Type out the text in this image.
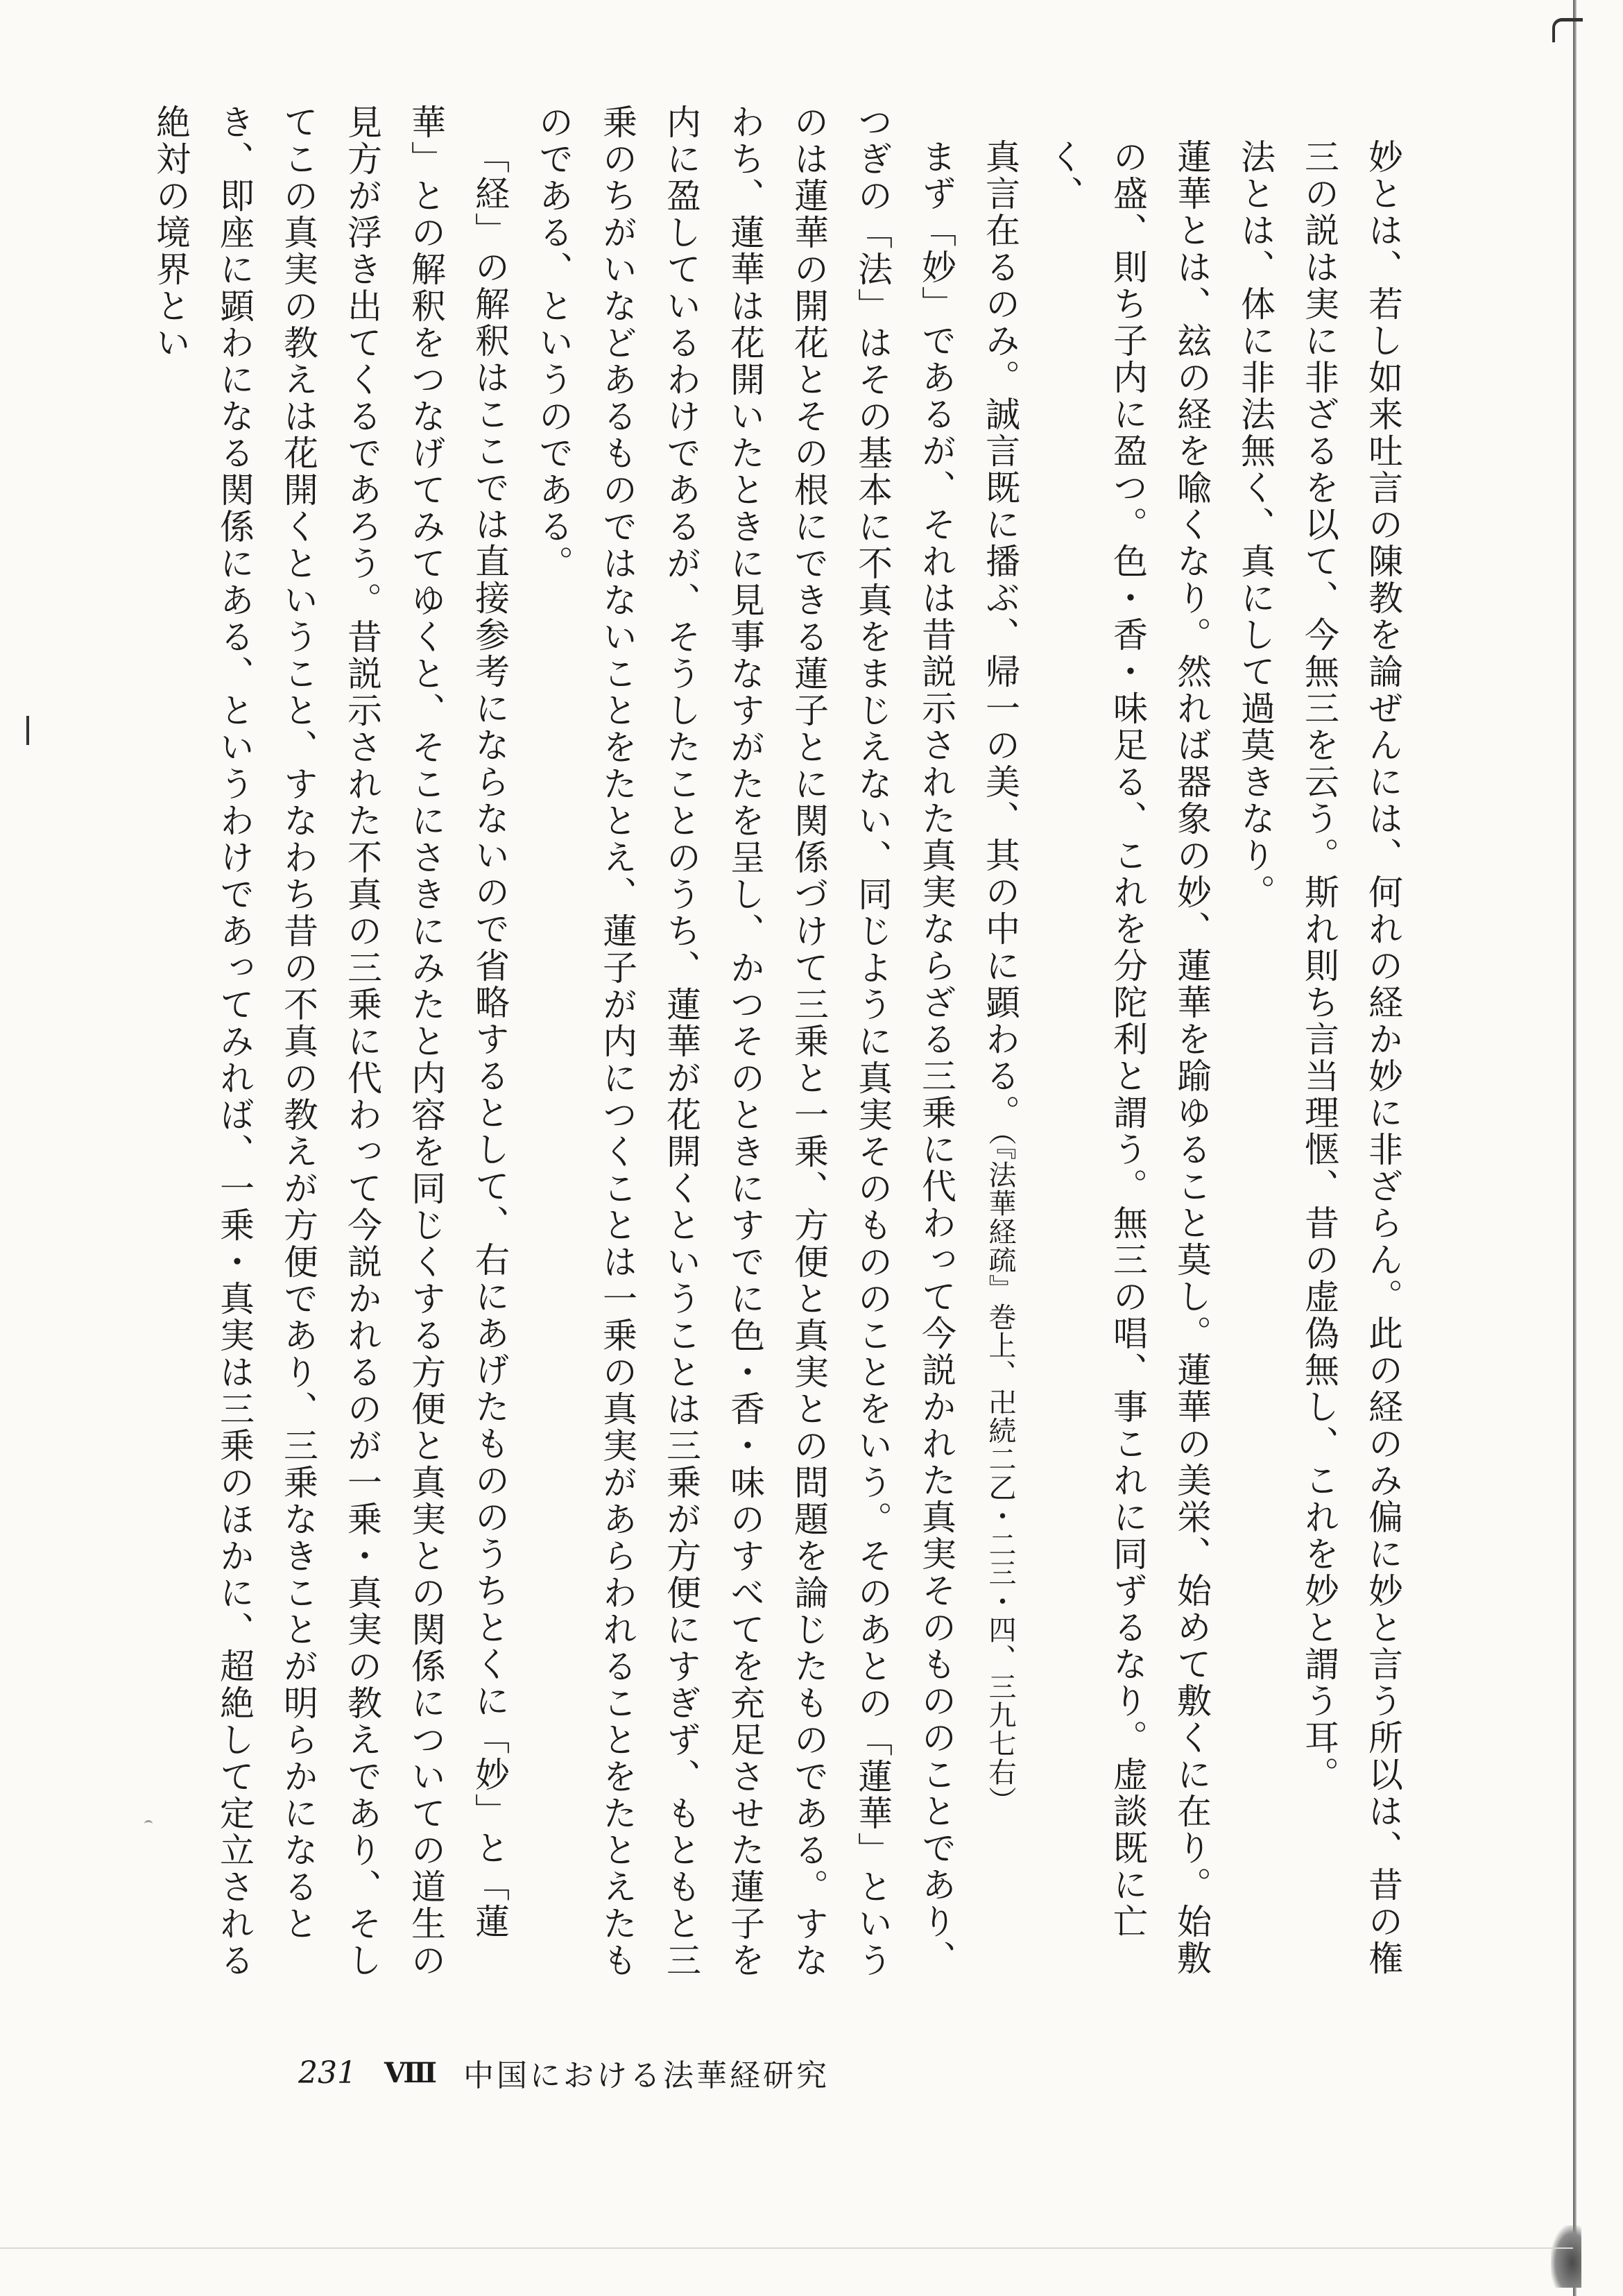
妙とは、若し如来吐言の陳教を論ぜんには、何れの経か妙に非ざらん。此の経のみ偏に妙と言う所以は、昔の権

三の説は実に非ざるを以て、今無三を云う。斯れ則ち言当理惬、昔の虚偽無し、これを妙と謂う耳。

法とは、体に非法無く、真にして過莫きなり。

蓮華とは、玆の経を喩くなり。然れば器象の妙、蓮華を踰ゆること莫し。蓮華の美栄、始めて敷くに在り。始敷

の盛、則ち子内に盈つ。色・香・味足る、これを分陀利と謂う。無三の唱、事これに同ずるなり。虚談既に亡く、

真言在るのみ。誠言既に播ぶ、帰一の美、其の中に顕わる。（『法華経疏』巻上、卍続二乙・二三・四、三九七右）

まず「妙」であるが、それは昔説示された真実ならざる三乗に代わって今説かれた真実そのもののことであり、つぎの「法」はその基本に不真をまじえない、同じように真実そのもののことをいう。そのあとの「蓮華」というのは蓮華の開花とその根にできる蓮子とに関係づけて三乗と一乗、方便と真実との問題を論じたものである。すなわち、蓮華は花開いたときに見事なすがたを呈し、かつそのときにすでに色・香・味のすべてを充足させた蓮子を内に盈しているわけであるが、そうしたことのうち、蓮華が花開くということは三乗が方便にすぎず、もともと三乗のちがいなどあるものではないことをたとえ、蓮子が内につくことは一乗の真実があらわれることをたとえたものである、というのである。

「経」の解釈はここでは直接参考にならないので省略するとして、右にあげたもののうちとくに「妙」と「蓮華」との解釈をつなげてみてゆくと、そこにさきにみたと内容を同じくする方便と真実との関係についての道生の見方が浮き出てくるであろう。昔説示された不真の三乗に代わって今説かれるのが一乗・真実の教えであり、そしてこの真実の教えは花開くということ、すなわち昔の不真の教えが方便であり、三乗なきことが明らかになるとき、即座に顕わになる関係にある、というわけであってみれば、一乗・真実は三乗のほかに、超絶して定立される絶対の境界とい

231 Ⅷ 中国における法華経研究
